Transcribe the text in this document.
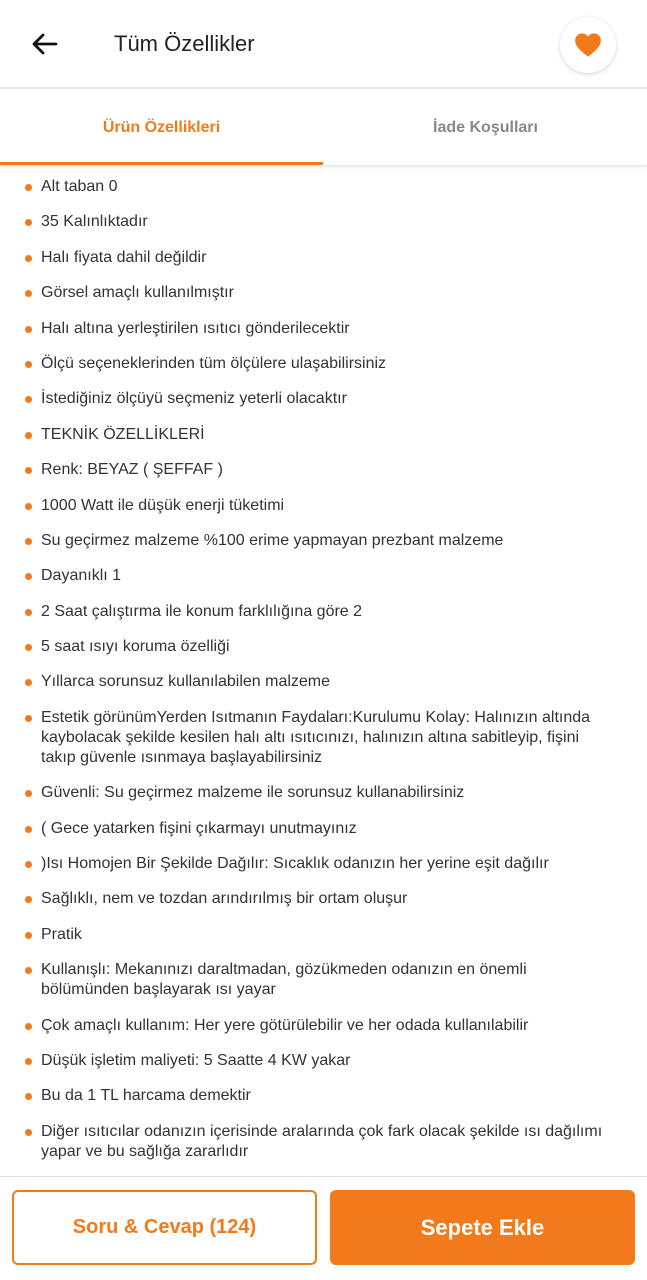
Tüm Özellikler
Ürün Özellikleri	İade Koşulları
Alt taban 0
35 Kalınlıktadır
Halı fiyata dahil değildir
Görsel amaçlı kullanılmıştır
Halı altına yerleştirilen ısıtıcı gönderilecektir
Ölçü seçeneklerinden tüm ölçülere ulaşabilirsiniz
İstediğiniz ölçüyü seçmeniz yeterli olacaktır
TEKNİK ÖZELLİKLERİ
Renk: BEYAZ ( ŞEFFAF )
1000 Watt ile düşük enerji tüketimi
Su geçirmez malzeme %100 erime yapmayan prezbant malzeme
Dayanıklı 1
2 Saat çalıştırma ile konum farklılığına göre 2
5 saat ısıyı koruma özelliği
Yıllarca sorunsuz kullanılabilen malzeme
Estetik görünümYerden Isıtmanın Faydaları:Kurulumu Kolay: Halınızın altında kaybolacak şekilde kesilen halı altı ısıtıcınızı, halınızın altına sabitleyip, fişini takıp güvenle ısınmaya başlayabilirsiniz
Güvenli: Su geçirmez malzeme ile sorunsuz kullanabilirsiniz
( Gece yatarken fişini çıkarmayı unutmayınız
)Isı Homojen Bir Şekilde Dağılır: Sıcaklık odanızın her yerine eşit dağılır
Sağlıklı, nem ve tozdan arındırılmış bir ortam oluşur
Pratik
Kullanışlı: Mekanınızı daraltmadan, gözükmeden odanızın en önemli bölümünden başlayarak ısı yayar
Çok amaçlı kullanım: Her yere götürülebilir ve her odada kullanılabilir
Düşük işletim maliyeti: 5 Saatte 4 KW yakar
Bu da 1 TL harcama demektir
Diğer ısıtıcılar odanızın içerisinde aralarında çok fark olacak şekilde ısı dağılımı yapar ve bu sağlığa zararlıdır
Soru & Cevap (124)	Sepete Ekle
